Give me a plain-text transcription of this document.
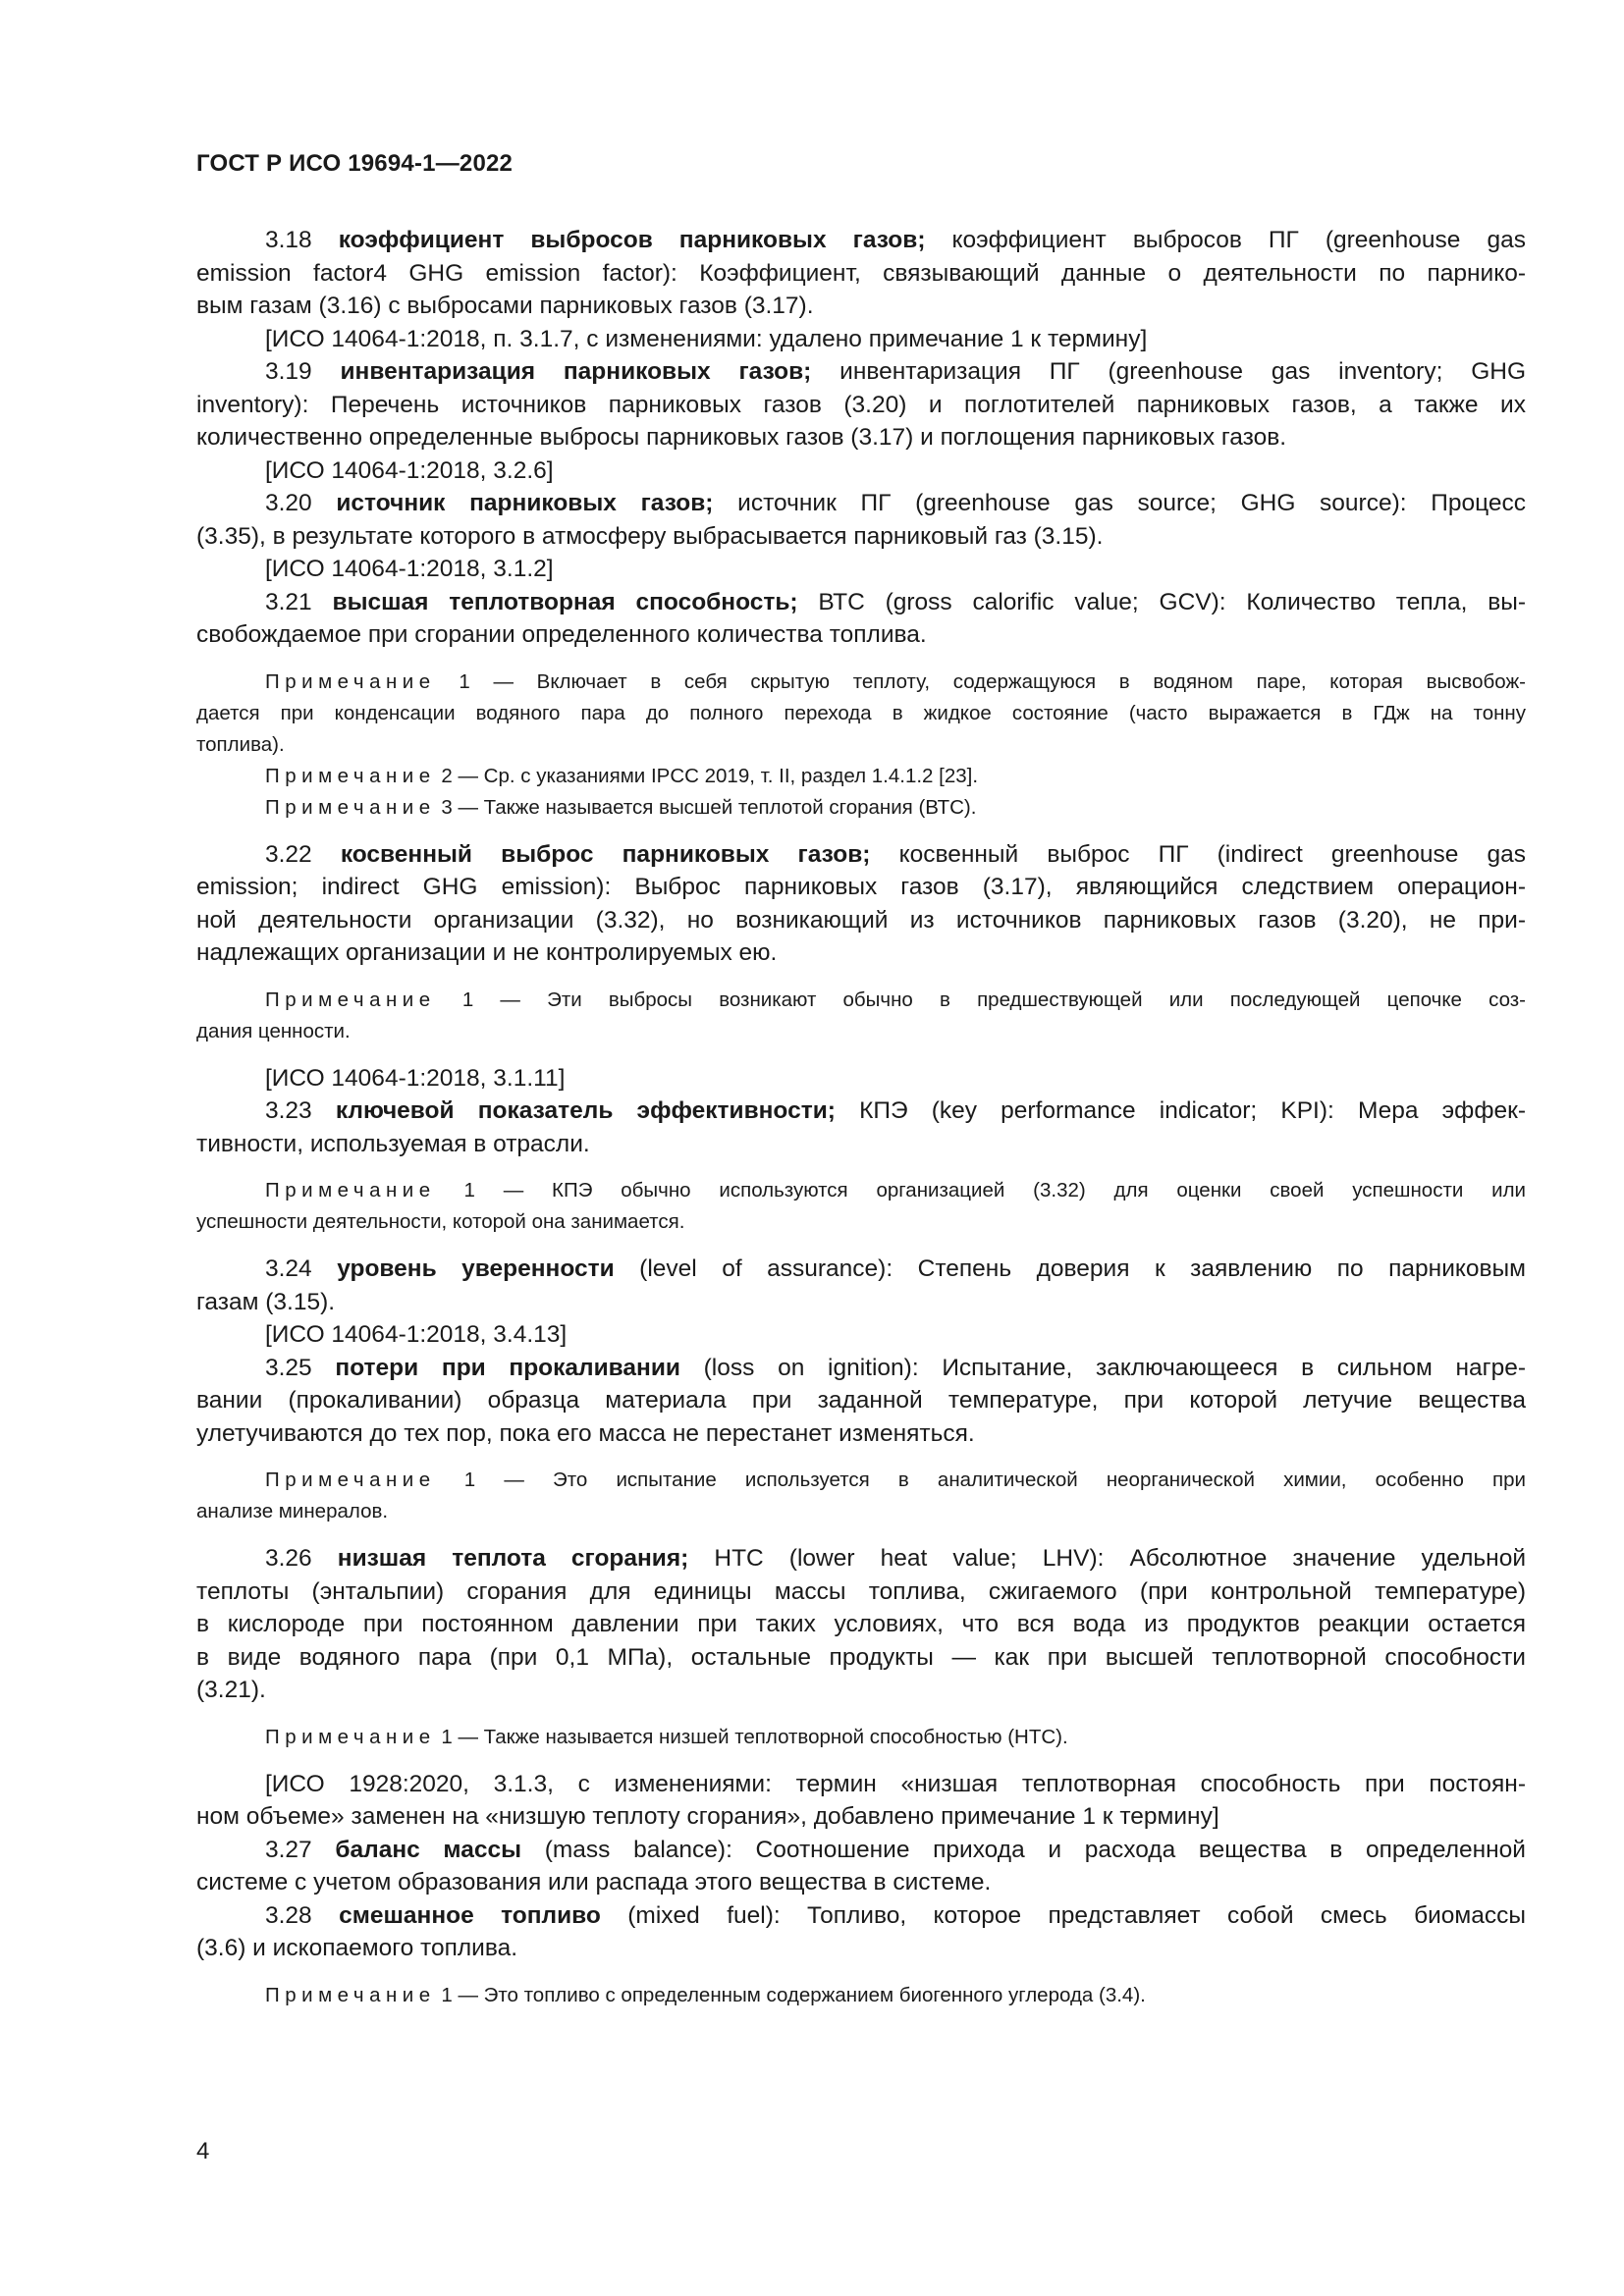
ГОСТ Р ИСО 19694-1—2022
3.18 коэффициент выбросов парниковых газов; коэффициент выбросов ПГ (greenhouse gas
emission factor4 GHG emission factor): Коэффициент, связывающий данные о деятельности по парнико-
вым газам (3.16) с выбросами парниковых газов (3.17).
[ИСО 14064-1:2018, п. 3.1.7, с изменениями: удалено примечание 1 к термину]
3.19 инвентаризация парниковых газов; инвентаризация ПГ (greenhouse gas inventory; GHG
inventory): Перечень источников парниковых газов (3.20) и поглотителей парниковых газов, а также их
количественно определенные выбросы парниковых газов (3.17) и поглощения парниковых газов.
[ИСО 14064-1:2018, 3.2.6]
3.20 источник парниковых газов; источник ПГ (greenhouse gas source; GHG source): Процесс
(3.35), в результате которого в атмосферу выбрасывается парниковый газ (3.15).
[ИСО 14064-1:2018, 3.1.2]
3.21 высшая теплотворная способность; ВТС (gross calorific value; GCV): Количество тепла, вы-
свобождаемое при сгорании определенного количества топлива.
Примечание 1 — Включает в себя скрытую теплоту, содержащуюся в водяном паре, которая высвобож-
дается при конденсации водяного пара до полного перехода в жидкое состояние (часто выражается в ГДж на тонну
топлива).
Примечание 2 — Ср. с указаниями IPCC 2019, т. II, раздел 1.4.1.2 [23].
Примечание 3 — Также называется высшей теплотой сгорания (ВТС).
3.22 косвенный выброс парниковых газов; косвенный выброс ПГ (indirect greenhouse gas
emission; indirect GHG emission): Выброс парниковых газов (3.17), являющийся следствием операцион-
ной деятельности организации (3.32), но возникающий из источников парниковых газов (3.20), не при-
надлежащих организации и не контролируемых ею.
Примечание 1 — Эти выбросы возникают обычно в предшествующей или последующей цепочке соз-
дания ценности.
[ИСО 14064-1:2018, 3.1.11]
3.23 ключевой показатель эффективности; КПЭ (key performance indicator; KPI): Мера эффек-
тивности, используемая в отрасли.
Примечание 1 — КПЭ обычно используются организацией (3.32) для оценки своей успешности или
успешности деятельности, которой она занимается.
3.24 уровень уверенности (level of assurance): Степень доверия к заявлению по парниковым
газам (3.15).
[ИСО 14064-1:2018, 3.4.13]
3.25 потери при прокаливании (loss on ignition): Испытание, заключающееся в сильном нагре-
вании (прокаливании) образца материала при заданной температуре, при которой летучие вещества
улетучиваются до тех пор, пока его масса не перестанет изменяться.
Примечание 1 — Это испытание используется в аналитической неорганической химии, особенно при
анализе минералов.
3.26 низшая теплота сгорания; НТС (lower heat value; LHV): Абсолютное значение удельной
теплоты (энтальпии) сгорания для единицы массы топлива, сжигаемого (при контрольной температуре)
в кислороде при постоянном давлении при таких условиях, что вся вода из продуктов реакции остается
в виде водяного пара (при 0,1 МПа), остальные продукты — как при высшей теплотворной способности
(3.21).
Примечание 1 — Также называется низшей теплотворной способностью (НТС).
[ИСО 1928:2020, 3.1.3, с изменениями: термин «низшая теплотворная способность при постоян-
ном объеме» заменен на «низшую теплоту сгорания», добавлено примечание 1 к термину]
3.27 баланс массы (mass balance): Соотношение прихода и расхода вещества в определенной
системе с учетом образования или распада этого вещества в системе.
3.28 смешанное топливо (mixed fuel): Топливо, которое представляет собой смесь биомассы
(3.6) и ископаемого топлива.
Примечание 1 — Это топливо с определенным содержанием биогенного углерода (3.4).
4
